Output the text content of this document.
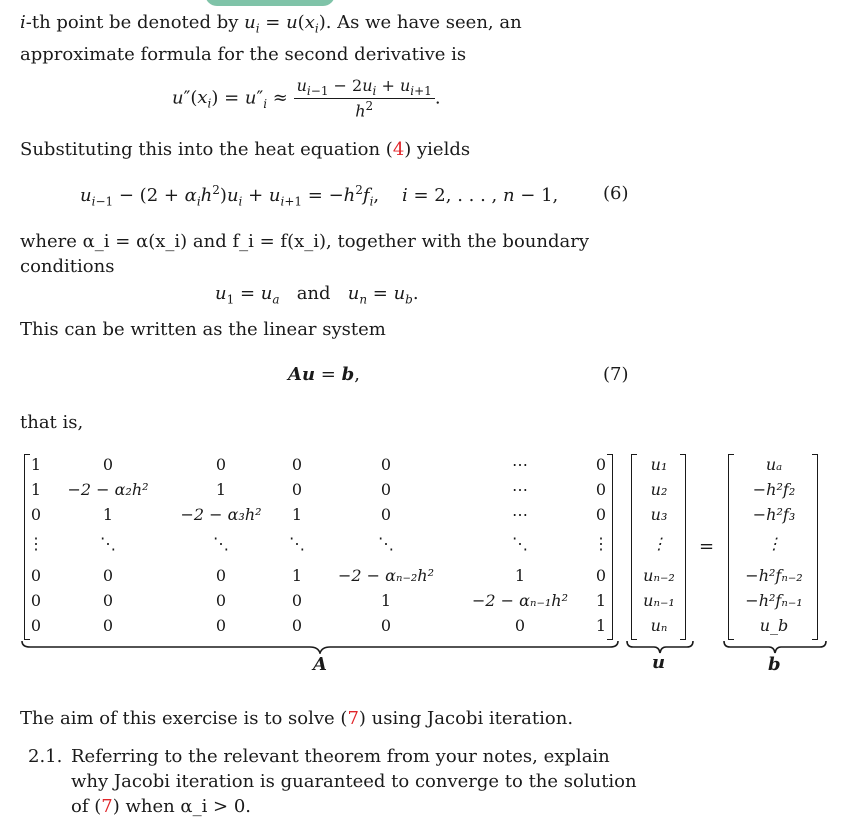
i-th point be denoted by $u_i = u(x_i)$. As we have seen, an approximate formula for the second derivative is
$u''(x_i) = u''_i \approx \frac{u_{i-1} - 2u_i + u_{i+1}}{h^2}$ .
Substituting this into the heat equation (4) yields
$u_{i-1} - (2 + \alpha_ih^2)u_i + u_{i+1} = -h^2f_i$,    i = 2, . . . , n − 1, (6)
where α_i = α(x_i) and f_i = f(x_i), together with the boundary conditions
$u_1 = u_a$ and $u_n = u_b$.
This can be written as the linear system
Au = b,	(7)
that is,
1	0	0	0	0	⋯	0
1	−2 − α₂h²	1	0	0	⋯	0
0	1	−2 − α₃h²	1	0	⋯	0
⋮	⋱	⋱	⋱	⋱	⋱	⋮
0	0	0	1	−2 − αₙ₋₂h²	1	0
0	0	0	0	1	−2 − αₙ₋₁h²	1
0	0	0	0	0	0	1
u₁
u₂
u₃
⋮
uₙ₋₂
uₙ₋₁
uₙ
=
uₐ
−h²f₂
−h²f₃
⋮
−h²fₙ₋₂
−h²fₙ₋₁
u_b
A	u	b
The aim of this exercise is to solve (7) using Jacobi iteration.
2.1. Referring to the relevant theorem from your notes, explain why Jacobi iteration is guaranteed to converge to the solution of (7) when α_i > 0.
